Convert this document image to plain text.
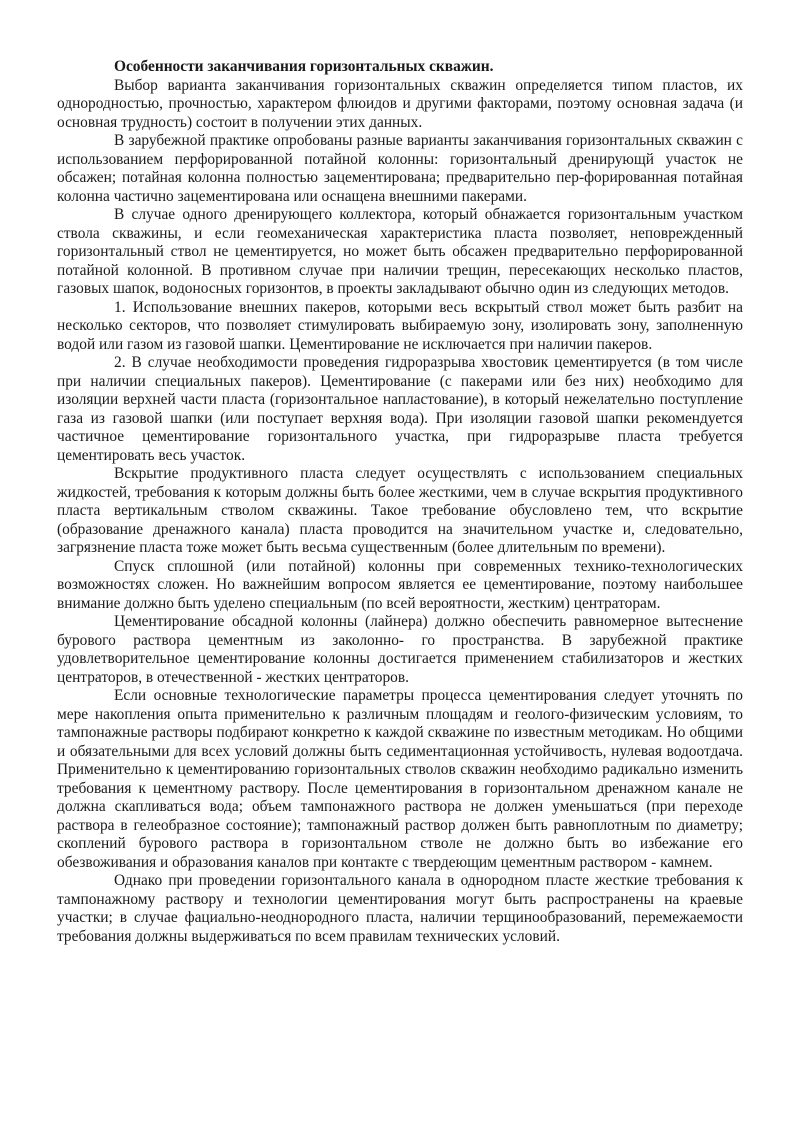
Особенности заканчивания горизонтальных скважин.

Выбор варианта заканчивания горизонтальных скважин определяется типом пластов, их однородностью, прочностью, характером флюидов и другими факторами, поэтому основная задача (и основная трудность) состоит в получении этих данных.

В зарубежной практике опробованы разные варианты заканчивания горизонтальных скважин с использованием перфорированной потайной колонны: горизонтальный дренирующй участок не обсажен; потайная колонна полностью зацементирована; предварительно пер-форированная потайная колонна частично зацементирована или оснащена внешними пакерами.

В случае одного дренирующего коллектора, который обнажается горизонтальным участком ствола скважины, и если геомеханическая характеристика пласта позволяет, неповрежденный горизонтальный ствол не цементируется, но может быть обсажен предварительно перфорированной потайной колонной. В противном случае при наличии трещин, пересекающих несколько пластов, газовых шапок, водоносных горизонтов, в проекты закладывают обычно один из следующих методов.

1. Использование внешних пакеров, которыми весь вскрытый ствол может быть разбит на несколько секторов, что позволяет стимулировать выбираемую зону, изолировать зону, заполненную водой или газом из газовой шапки. Цементирование не исключается при наличии пакеров.

2. В случае необходимости проведения гидроразрыва хвостовик цементируется (в том числе при наличии специальных пакеров). Цементирование (с пакерами или без них) необходимо для изоляции верхней части пласта (горизонтальное напластование), в который нежелательно поступление газа из газовой шапки (или поступает верхняя вода). При изоляции газовой шапки рекомендуется частичное цементирование горизонтального участка, при гидроразрыве пласта требуется цементировать весь участок.

Вскрытие продуктивного пласта следует осуществлять с использованием специальных жидкостей, требования к которым должны быть более жесткими, чем в случае вскрытия продуктивного пласта вертикальным стволом скважины. Такое требование обусловлено тем, что вскрытие (образование дренажного канала) пласта проводится на значительном участке и, следовательно, загрязнение пласта тоже может быть весьма существенным (более длительным по времени).

Спуск сплошной (или потайной) колонны при современных технико-технологических возможностях сложен. Но важнейшим вопросом является ее цементирование, поэтому наибольшее внимание должно быть уделено специальным (по всей вероятности, жестким) центраторам.

Цементирование обсадной колонны (лайнера) должно обеспечить равномерное вытеснение бурового раствора цементным из заколонно- го пространства. В зарубежной практике удовлетворительное цементирование колонны достигается применением стабилизаторов и жестких центраторов, в отечественной - жестких центраторов.

Если основные технологические параметры процесса цементирования следует уточнять по мере накопления опыта применительно к различным площадям и геолого-физическим условиям, то тампонажные растворы подбирают конкретно к каждой скважине по известным методикам. Но общими и обязательными для всех условий должны быть седиментационная устойчивость, нулевая водоотдача. Применительно к цементированию горизонтальных стволов скважин необходимо радикально изменить требования к цементному раствору. После цементирования в горизонтальном дренажном канале не должна скапливаться вода; объем тампонажного раствора не должен уменьшаться (при переходе раствора в гелеобразное состояние); тампонажный раствор должен быть равноплотным по диаметру; скоплений бурового раствора в горизонтальном стволе не должно быть во избежание его обезвоживания и образования каналов при контакте с твердеющим цементным раствором - камнем.

Однако при проведении горизонтального канала в однородном пласте жесткие требования к тампонажному раствору и технологии цементирования могут быть распространены на краевые участки; в случае фациально-неоднородного пласта, наличии терщинообразований, перемежаемости требования должны выдерживаться по всем правилам технических условий.
